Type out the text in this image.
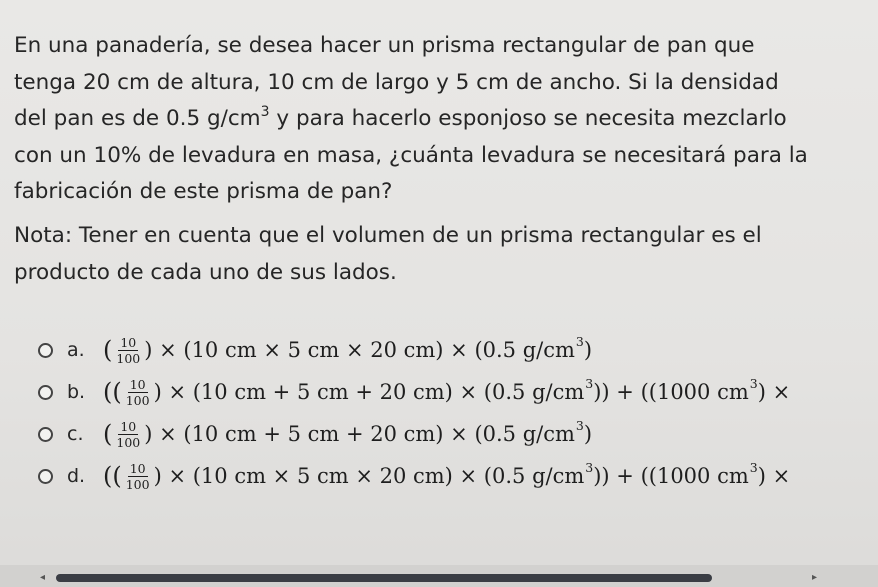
En una panadería, se desea hacer un prisma rectangular de pan que

tenga 20 cm de altura, 10 cm de largo y 5 cm de ancho. Si la densidad

del pan es de 0.5 $g/cm^3$ y para hacerlo esponjoso se necesita mezclarlo

con un 10% de levadura en masa, ¿cuánta levadura se necesitará para la

fabricación de este prisma de pan?

Nota: Tener en cuenta que el volumen de un prisma rectangular es el

producto de cada uno de sus lados.

a. ( $\frac{10}{100}$ ) × (10 cm × 5 cm × 20 cm) × (0.5 g/cm 3 )
b. (( $\frac{10}{100}$ ) × (10 cm + 5 cm + 20 cm) × (0.5 g/cm 3 )) + ((1000 cm 3 ) ×
c. ( $\frac{10}{100}$ ) × (10 cm + 5 cm + 20 cm) × (0.5 g/cm 3 )
d. (( $\frac{10}{100}$ ) × (10 cm × 5 cm × 20 cm) × (0.5 g/cm 3 )) + ((1000 cm 3 ) ×
◂	▸
